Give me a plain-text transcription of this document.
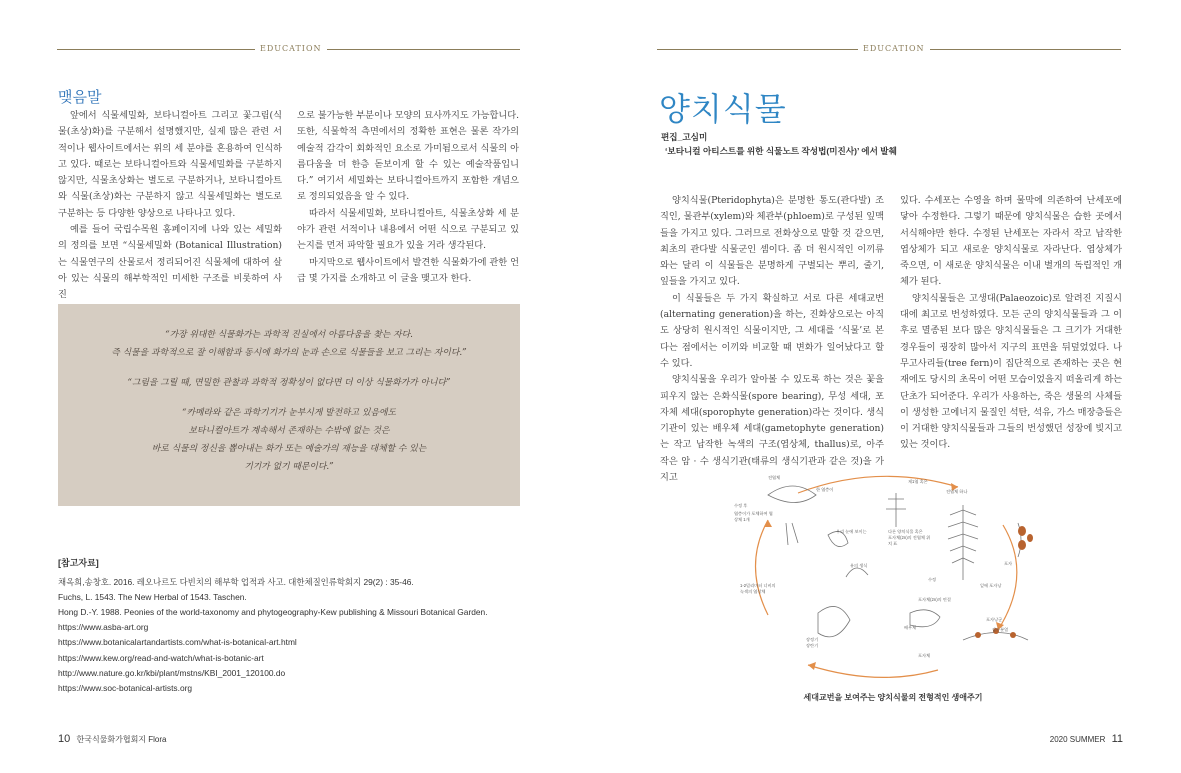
EDUCATION
맺음말

앞에서 식물세밀화, 보타니컬아트 그리고 꽃그림(식물(초상)화)를 구분해서 설명했지만, 실제 많은 관련 서적이나 웹사이트에서는 위의 세 분야를 혼용하여 인식하고 있다. 때로는 보타니컬아트와 식물세밀화를 구분하지 않지만, 식물초상화는 별도로 구분하거나, 보타니컬아트와 식물(초상)화는 구분하지 않고 식물세밀화는 별도로 구분하는 등 다양한 양상으로 나타나고 있다.

예를 들어 국립수목원 홈페이지에 나와 있는 세밀화의 정의를 보면 “식물세밀화 (Botanical Illustration)는 식물연구의 산물로서 정리되어진 식물체에 대하여 살아 있는 식물의 해부학적인 미세한 구조를 비롯하여 사진

으로 불가능한 부분이나 모양의 묘사까지도 가능합니다. 또한, 식물학적 측면에서의 정확한 표현은 물론 작가의 예술적 감각이 회화적인 요소로 가미됨으로서 식물의 아름다움을 더 한층 돋보이게 할 수 있는 예술작품입니다.” 여기서 세밀화는 보타니컬아트까지 포함한 개념으로 정의되었음을 알 수 있다.

따라서 식물세밀화, 보타니컬아트, 식물초상화 세 분야가 관련 서적이나 내용에서 어떤 식으로 구분되고 있는지를 먼저 파악할 필요가 있을 거라 생각된다.

마지막으로 웹사이트에서 발견한 식물화가에 관한 언급 몇 가지를 소개하고 이 글을 맺고자 한다.

“가장 위대한 식물화가는 과학적 진실에서 아름다움을 찾는 자다.

즉 식물을 과학적으로 잘 이해함과 동시에 화가의 눈과 손으로 식물들을 보고 그리는 자이다.”

“그림을 그릴 때, 면밀한 관찰과 과학적 정확성이 없다면 더 이상 식물화가가 아니다”

“카메라와 같은 과학기기가 눈부시게 발전하고 있음에도

보타니컬아트가 계속해서 존재하는 수밖에 없는 것은

바로 식물의 정신을 뽑아내는 화가 또는 예술가의 재능을 대체할 수 있는

기기가 없기 때문이다.”

[참고자료]
채옥희,송창호. 2016. 레오나르도 다빈치의 해부학 업적과 사고. 대한체질인류학회지 29(2) : 35-46.
Fuchs, L. 1543. The New Herbal of 1543. Taschen.
Hong D.-Y. 1988. Peonies of the world-taxonomy and phytogeography-Kew publishing & Missouri Botanical Garden.
https://www.asba-art.org
https://www.botanicalartandartists.com/what-is-botanical-art.html
https://www.kew.org/read-and-watch/what-is-botanic-art
http://www.nature.go.kr/kbi/plant/mstns/KBI_2001_120100.do
https://www.soc-botanical-artists.org
10 한국식물화가협회지 Flora
EDUCATION
양치식물
편집_고심미
‘보타니컬 아티스트를 위한 식물노트 작성법(미진사)’ 에서 발췌

양치식물(Pteridophyta)은 분명한 통도(관다발) 조직인, 물관부(xylem)와 체관부(phloem)로 구성된 잎맥들을 가지고 있다. 그러므로 전화상으로 말할 것 같으면, 최초의 관다발 식물군인 셈이다. 좀 더 원시적인 이끼류와는 달리 이 식물들은 분명하게 구별되는 뿌리, 줄기, 잎들을 가지고 있다.

이 식물들은 두 가지 확실하고 서로 다른 세대교번(alternating generation)을 하는, 진화상으로는 아직도 상당히 원시적인 식물이지만, 그 세대를 ‘식물’로 본다는 점에서는 이끼와 비교할 때 변화가 일어났다고 할 수 있다.

양치식물을 우리가 알아볼 수 있도록 하는 것은 꽃을 피우지 않는 은화식물(spore bearing), 무성 세대, 포자체 세대(sporophyte generation)라는 것이다. 생식기관이 있는 배우체 세대(gametophyte generation)는 작고 납작한 녹색의 구조(엽상체, thallus)로, 아주 작은 암 · 수 생식기관(태류의 생식기관과 같은 것)을 가지고

있다. 수세포는 수영을 하며 물막에 의존하여 난세포에 닿아 수정한다. 그렇기 때문에 양치식물은 습한 곳에서 서식해야만 한다. 수정된 난세포는 자라서 작고 납작한 엽상체가 되고 새로운 양치식물로 자라난다. 엽상체가 죽으면, 이 새로운 양치식물은 이내 별개의 독립적인 개체가 된다.

양치식물들은 고생대(Palaeozoic)로 알려진 지질시대에 최고로 번성하였다. 모든 군의 양치식물들과 그 이후로 멸종된 보다 많은 양치식물들은 그 크기가 거대한 경우들이 굉장히 많아서 지구의 표면을 뒤덮었었다. 나무고사리들(tree fern)이 집단적으로 존재하는 곳은 현재에도 당시의 초목이 어떤 모습이었을지 떠올리게 하는 단초가 되어준다. 우리가 사용하는, 죽은 생물의 사체들이 생성한 고에너지 물질인 석탄, 석유, 가스 매장층들은 이 거대한 양치식물들과 그들의 번성했던 성장에 빚지고 있는 것이다.

전엽체
한 엽층이
수정 후
엽층이가 포체하여 엽상체 1개
제1엽 혹은
전엽체 하나
다른 양치식물 혹은
포자체(2n)의 전엽체 위치 표
우리 눈에 보이는
유의 생식
1-2밀리미터 너비의 녹색의 엽상체
잎에 포자낭
포자낭군
감수분열
포자체
배우체
장정기
장란기
수정
포자체(2n)의 연결
포자
세대교번을 보여주는 양치식물의 전형적인 생애주기
2020 SUMMER 11
